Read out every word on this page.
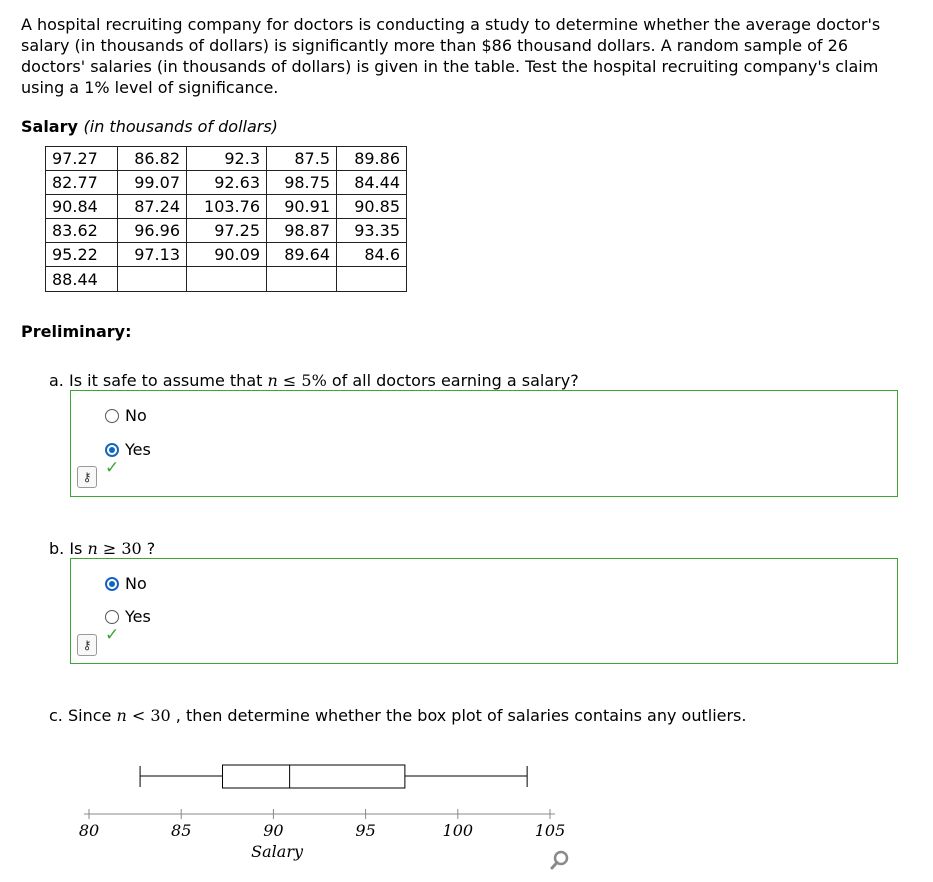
A hospital recruiting company for doctors is conducting a study to determine whether the average doctor's salary (in thousands of dollars) is significantly more than $86 thousand dollars. A random sample of 26 doctors' salaries (in thousands of dollars) is given in the table. Test the hospital recruiting company's claim using a 1% level of significance.
Salary (in thousands of dollars)
97.27	86.82	92.3	87.5	89.86
82.77	99.07	92.63	98.75	84.44
90.84	87.24	103.76	90.91	90.85
83.62	96.96	97.25	98.87	93.35
95.22	97.13	90.09	89.64	84.6
88.44				
Preliminary:
a. Is it safe to assume that n ≤ 5% of all doctors earning a salary?
No
Yes
⚷ ✓
b. Is n ≥ 30 ?
No
Yes
⚷ ✓
c. Since n < 30 , then determine whether the box plot of salaries contains any outliers.
80	85	90	95	100	105
Salary
